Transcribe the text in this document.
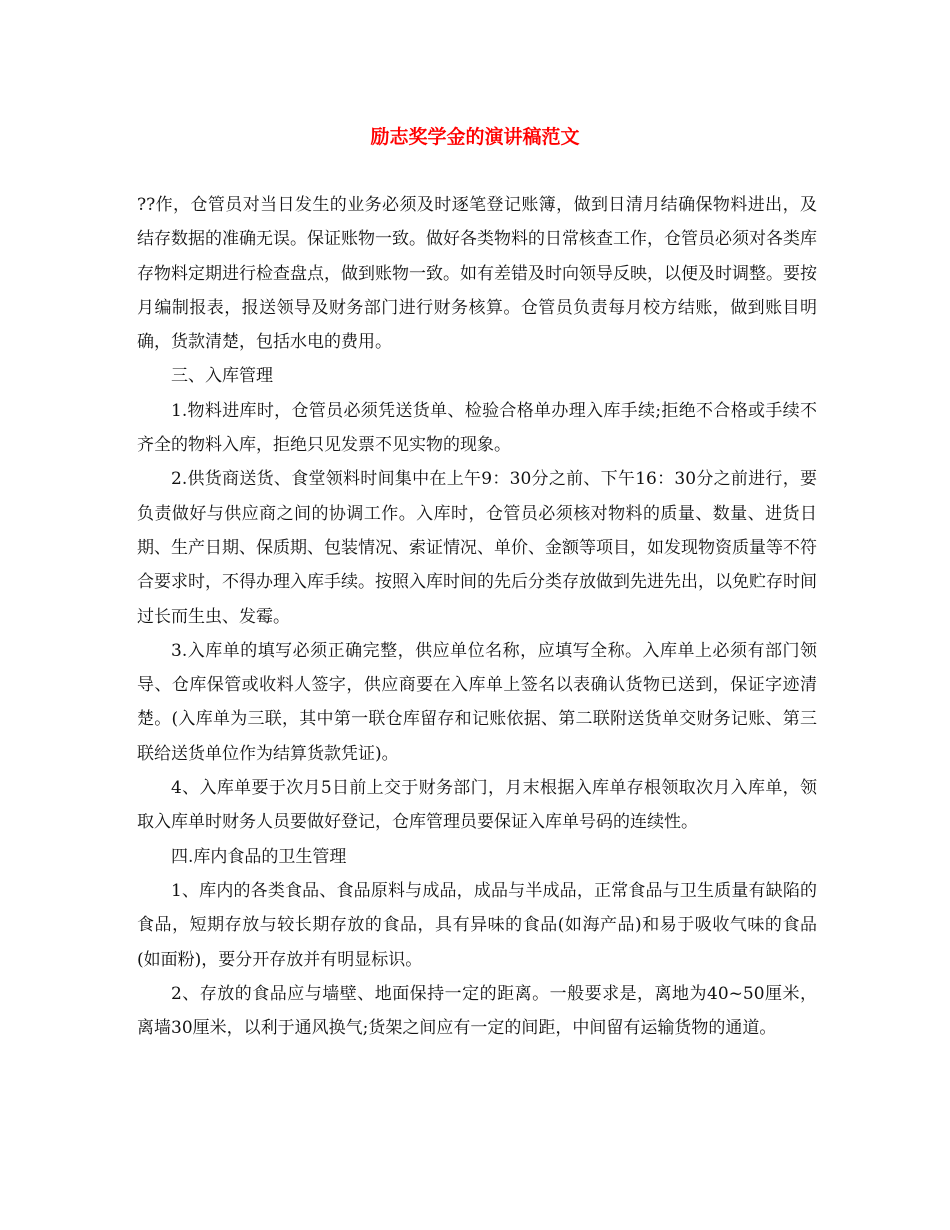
励志奖学金的演讲稿范文

??作，仓管员对当日发生的业务必须及时逐笔登记账簿，做到日清月结确保物料进出，及结存数据的准确无误。保证账物一致。做好各类物料的日常核查工作，仓管员必须对各类库存物料定期进行检查盘点，做到账物一致。如有差错及时向领导反映，以便及时调整。要按月编制报表，报送领导及财务部门进行财务核算。仓管员负责每月校方结账，做到账目明确，货款清楚，包括水电的费用。

三、入库管理

1.物料进库时，仓管员必须凭送货单、检验合格单办理入库手续;拒绝不合格或手续不齐全的物料入库，拒绝只见发票不见实物的现象。

2.供货商送货、食堂领料时间集中在上午9：30分之前、下午16：30分之前进行，要负责做好与供应商之间的协调工作。入库时，仓管员必须核对物料的质量、数量、进货日期、生产日期、保质期、包装情况、索证情况、单价、金额等项目，如发现物资质量等不符合要求时，不得办理入库手续。按照入库时间的先后分类存放做到先进先出，以免贮存时间过长而生虫、发霉。

3.入库单的填写必须正确完整，供应单位名称，应填写全称。入库单上必须有部门领导、仓库保管或收料人签字，供应商要在入库单上签名以表确认货物已送到，保证字迹清楚。(入库单为三联，其中第一联仓库留存和记账依据、第二联附送货单交财务记账、第三联给送货单位作为结算货款凭证)。

4、入库单要于次月5日前上交于财务部门，月末根据入库单存根领取次月入库单，领取入库单时财务人员要做好登记，仓库管理员要保证入库单号码的连续性。

四.库内食品的卫生管理

1、库内的各类食品、食品原料与成品，成品与半成品，正常食品与卫生质量有缺陷的食品，短期存放与较长期存放的食品，具有异味的食品(如海产品)和易于吸收气味的食品(如面粉)，要分开存放并有明显标识。

2、存放的食品应与墙壁、地面保持一定的距离。一般要求是，离地为40~50厘米，离墙30厘米，以利于通风换气;货架之间应有一定的间距，中间留有运输货物的通道。
